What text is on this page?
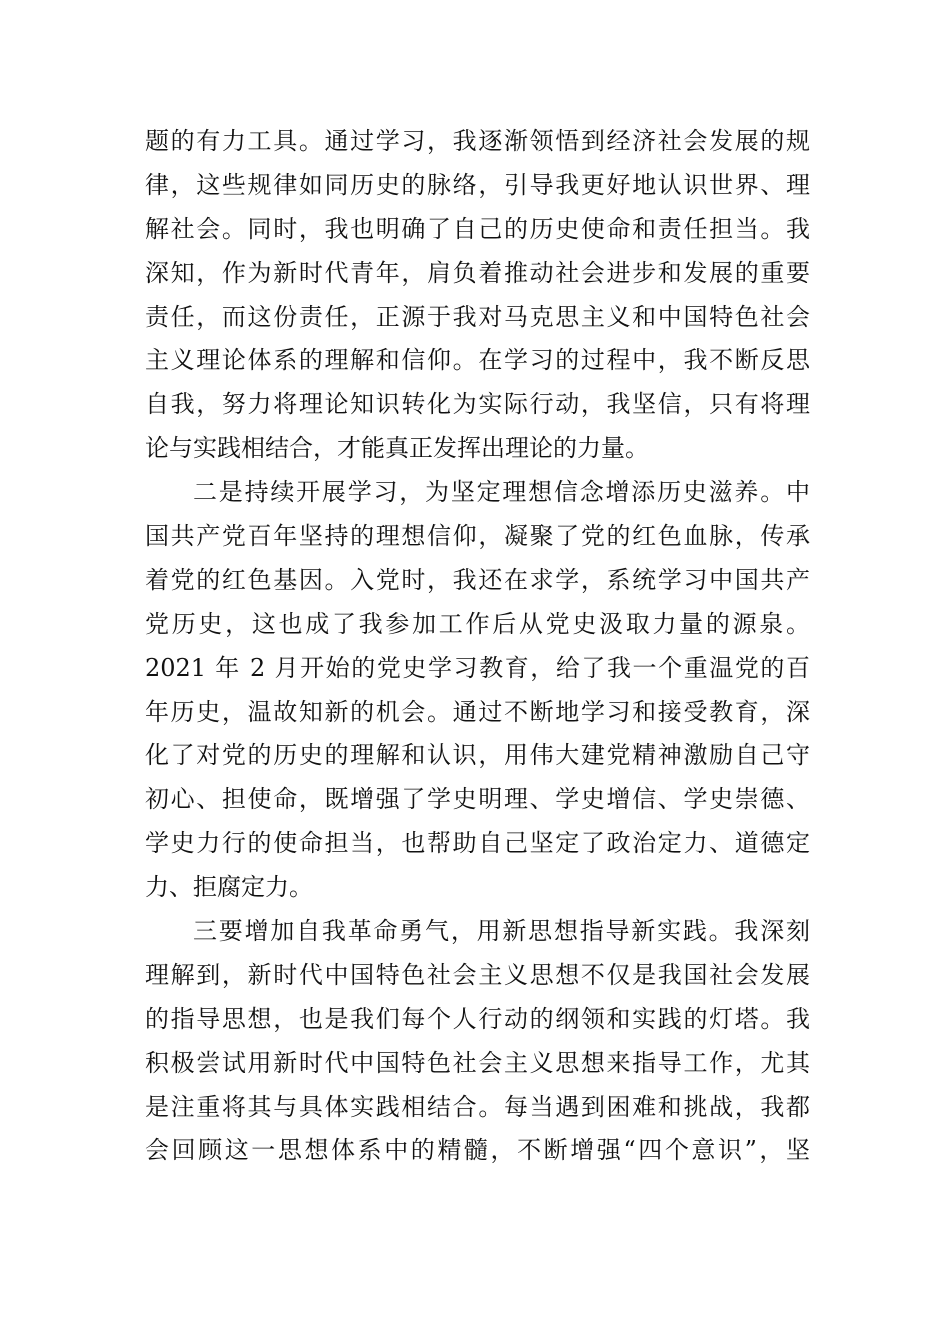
题的有力工具。通过学习，我逐渐领悟到经济社会发展的规
律，这些规律如同历史的脉络，引导我更好地认识世界、理
解社会。同时，我也明确了自己的历史使命和责任担当。我
深知，作为新时代青年，肩负着推动社会进步和发展的重要
责任，而这份责任，正源于我对马克思主义和中国特色社会
主义理论体系的理解和信仰。在学习的过程中，我不断反思
自我，努力将理论知识转化为实际行动，我坚信，只有将理
论与实践相结合，才能真正发挥出理论的力量。
二是持续开展学习，为坚定理想信念增添历史滋养。中
国共产党百年坚持的理想信仰，凝聚了党的红色血脉，传承
着党的红色基因。入党时，我还在求学，系统学习中国共产
党历史，这也成了我参加工作后从党史汲取力量的源泉。
2021 年 2 月开始的党史学习教育，给了我一个重温党的百
年历史，温故知新的机会。通过不断地学习和接受教育，深
化了对党的历史的理解和认识，用伟大建党精神激励自己守
初心、担使命，既增强了学史明理、学史增信、学史崇德、
学史力行的使命担当，也帮助自己坚定了政治定力、道德定
力、拒腐定力。
三要增加自我革命勇气，用新思想指导新实践。我深刻
理解到，新时代中国特色社会主义思想不仅是我国社会发展
的指导思想，也是我们每个人行动的纲领和实践的灯塔。我
积极尝试用新时代中国特色社会主义思想来指导工作，尤其
是注重将其与具体实践相结合。每当遇到困难和挑战，我都
会回顾这一思想体系中的精髓，不断增强“四个意识”，坚
